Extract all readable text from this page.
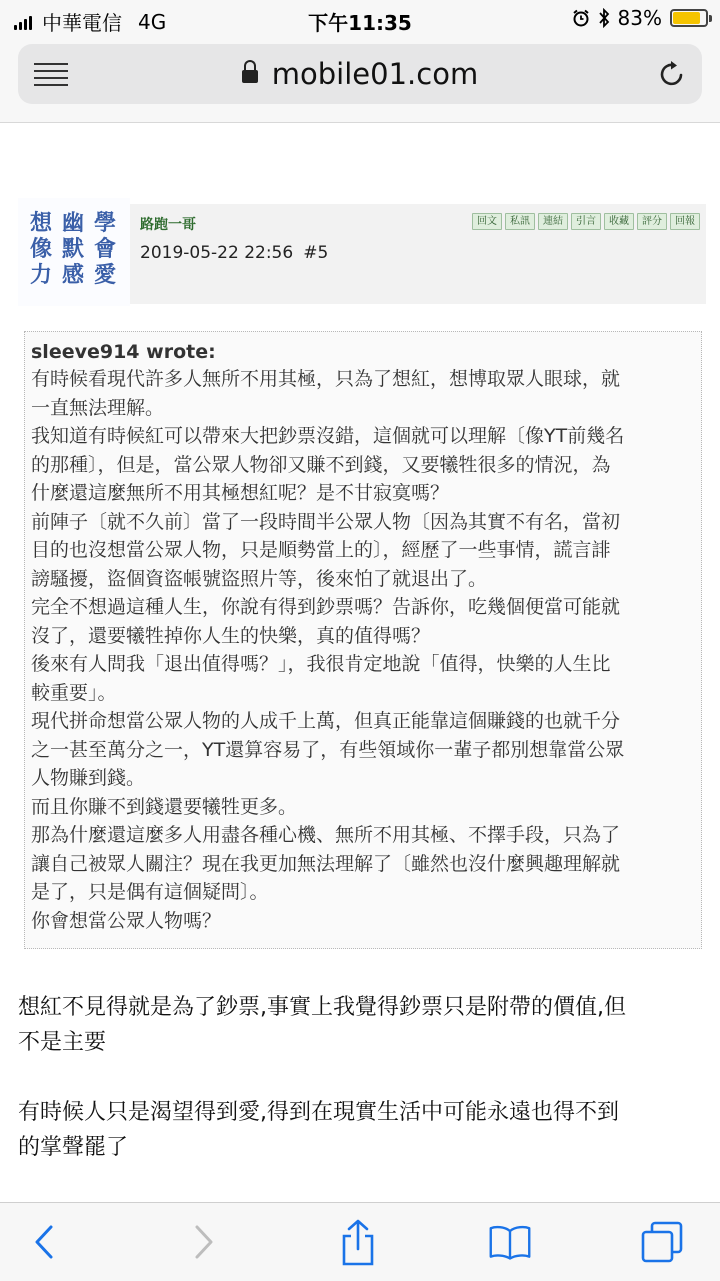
中華電信 4G	下午11:35	83%
mobile01.com
學
會
愛
幽
默
感
想
像
力
路跑一哥
2019-05-22 22:56 #5
回文	私訊	連結	引言	收藏	評分	回報
sleeve914 wrote:
有時候看現代許多人無所不用其極，只為了想紅，想博取眾人眼球，就
一直無法理解。
我知道有時候紅可以帶來大把鈔票沒錯，這個就可以理解〔像YT前幾名
的那種〕，但是，當公眾人物卻又賺不到錢，又要犧牲很多的情況，為
什麼還這麼無所不用其極想紅呢？是不甘寂寞嗎？
前陣子〔就不久前〕當了一段時間半公眾人物〔因為其實不有名，當初
目的也沒想當公眾人物，只是順勢當上的〕，經歷了一些事情，謊言誹
謗騷擾，盜個資盜帳號盜照片等，後來怕了就退出了。
完全不想過這種人生，你說有得到鈔票嗎？告訴你，吃幾個便當可能就
沒了，還要犧牲掉你人生的快樂，真的值得嗎？
後來有人問我「退出值得嗎？」，我很肯定地說「值得，快樂的人生比
較重要」。
現代拼命想當公眾人物的人成千上萬，但真正能靠這個賺錢的也就千分
之一甚至萬分之一，YT還算容易了，有些領域你一輩子都別想靠當公眾
人物賺到錢。
而且你賺不到錢還要犧牲更多。
那為什麼還這麼多人用盡各種心機、無所不用其極、不擇手段，只為了
讓自己被眾人關注？現在我更加無法理解了〔雖然也沒什麼興趣理解就
是了，只是偶有這個疑問〕。
你會想當公眾人物嗎？
想紅不見得就是為了鈔票,事實上我覺得鈔票只是附帶的價值,但
不是主要
有時候人只是渴望得到愛,得到在現實生活中可能永遠也得不到
的掌聲罷了
